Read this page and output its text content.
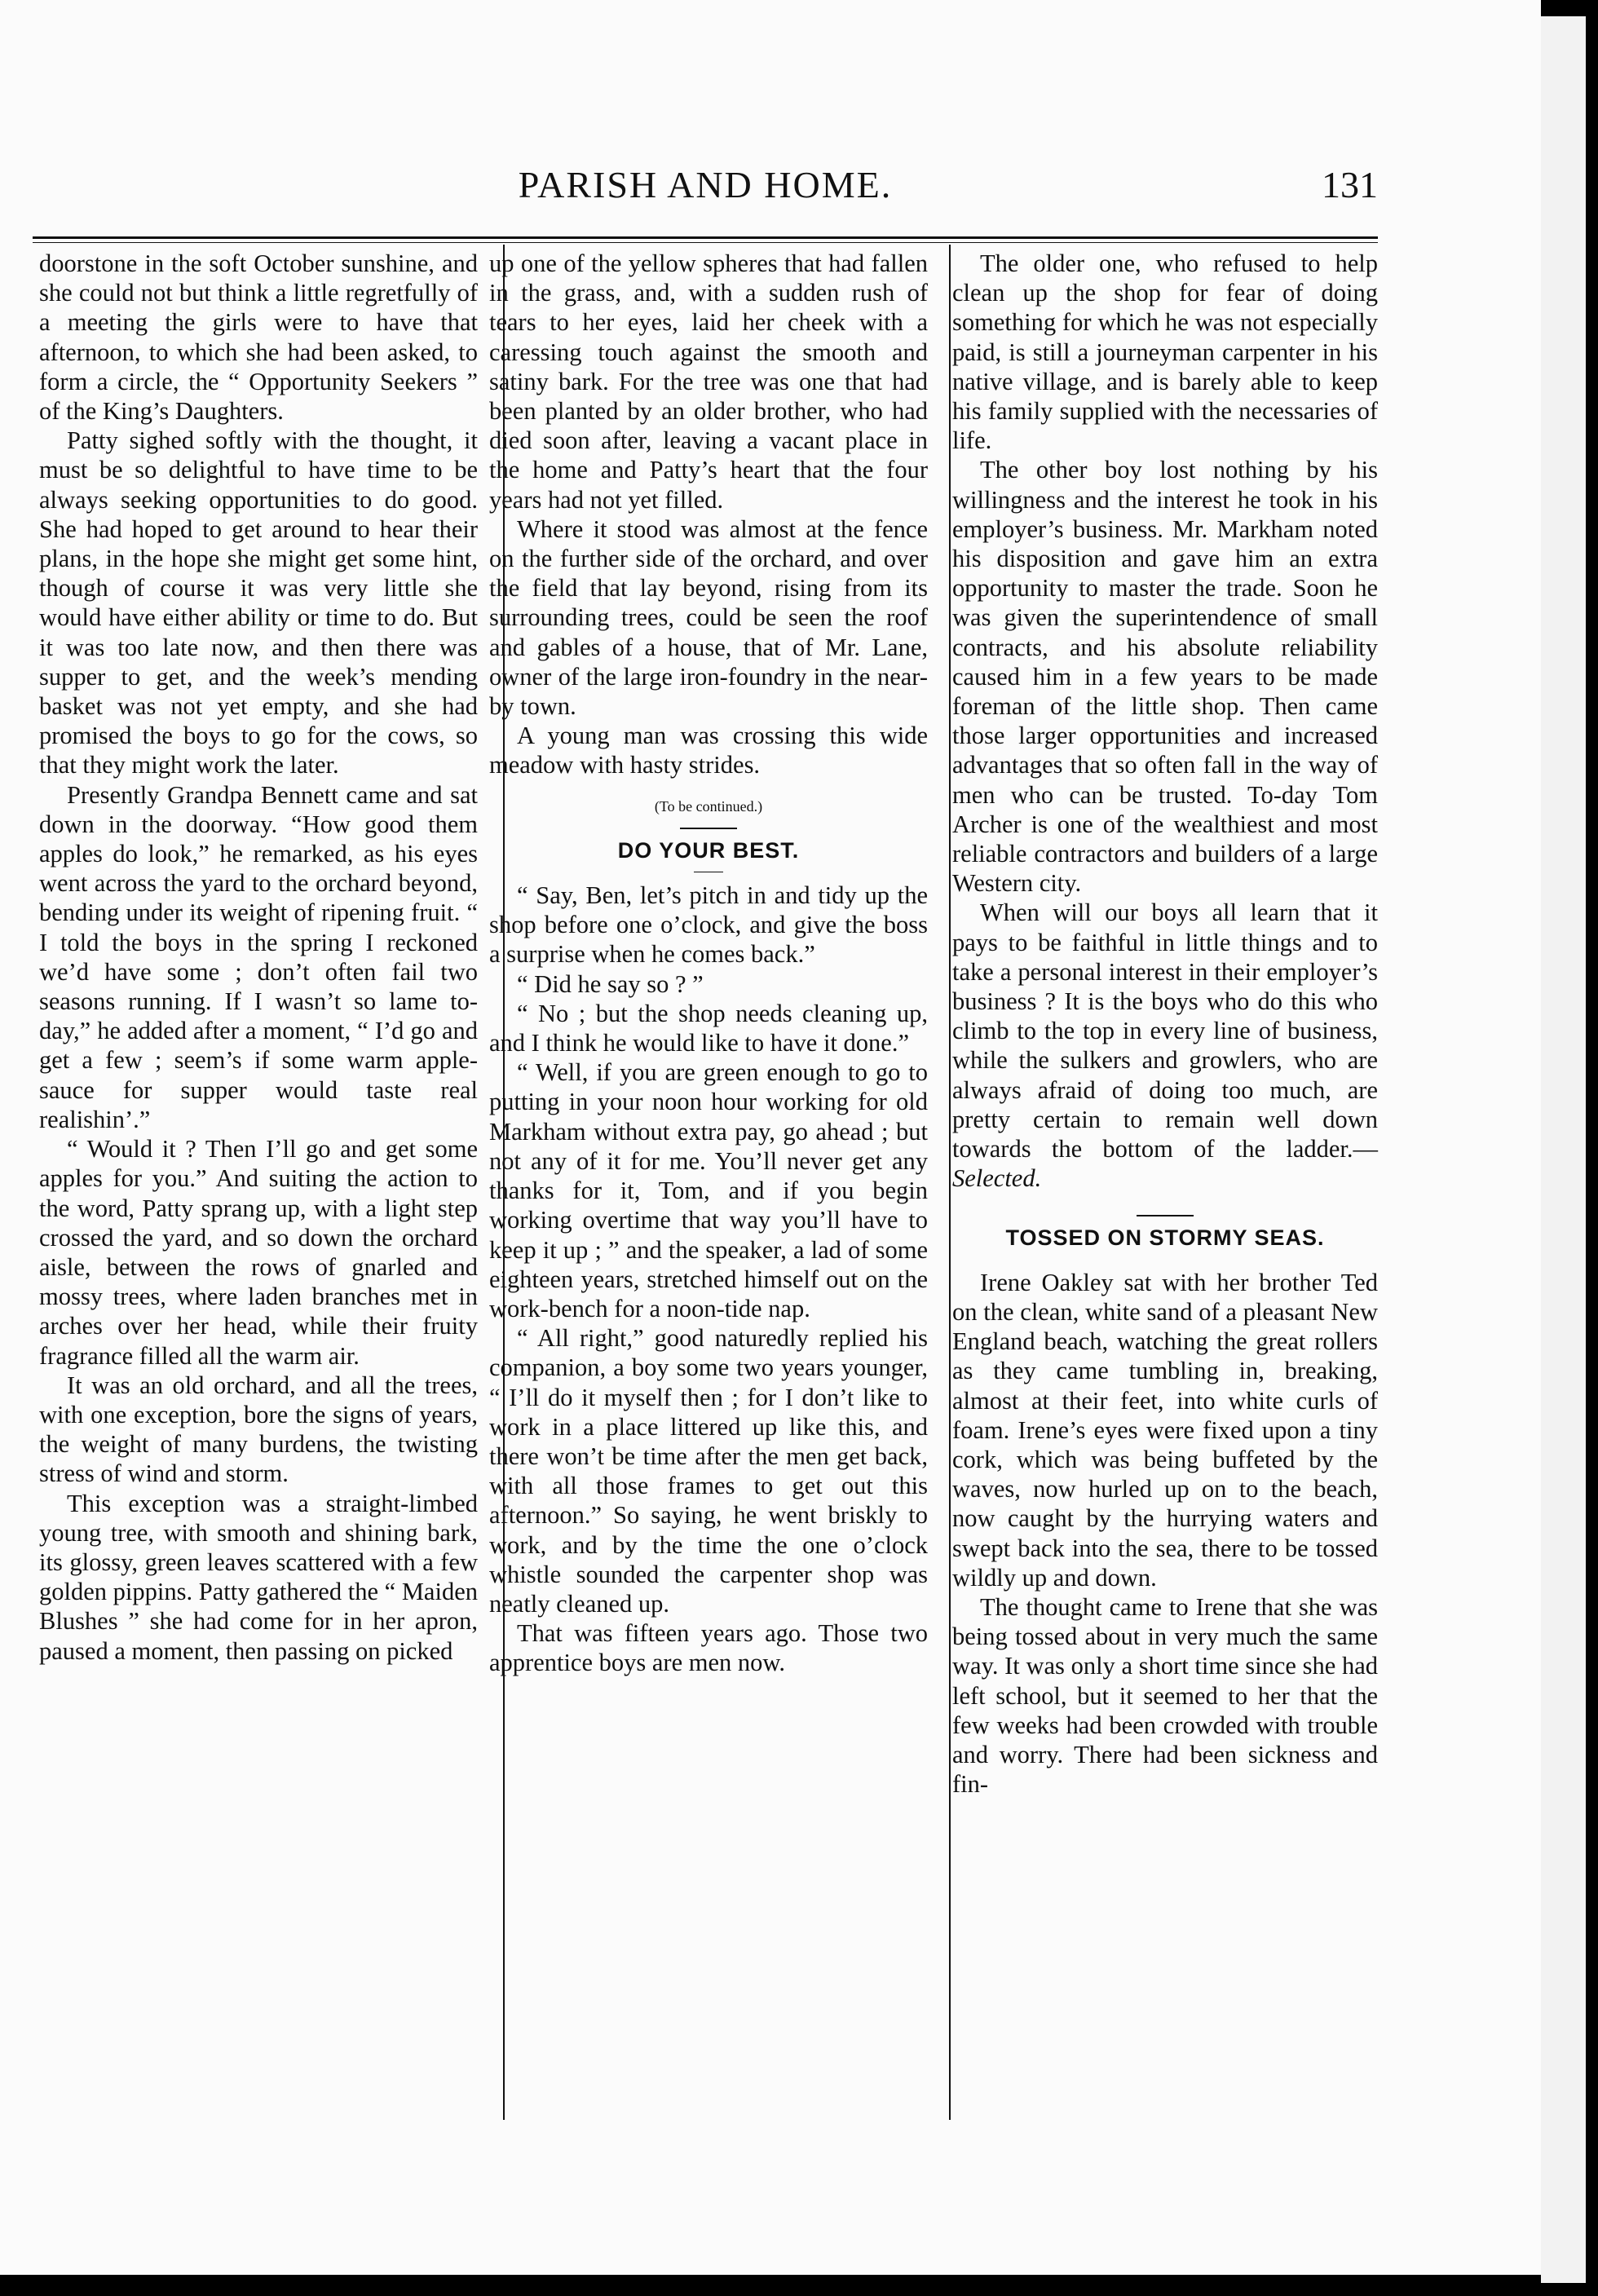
PARISH AND HOME.	131

doorstone in the soft October sunshine, and she could not but think a little regretfully of a meeting the girls were to have that afternoon, to which she had been asked, to form a circle, the “ Opportunity Seekers ” of the King’s Daughters.

Patty sighed softly with the thought, it must be so delightful to have time to be always seeking opportunities to do good. She had hoped to get around to hear their plans, in the hope she might get some hint, though of course it was very little she would have either ability or time to do. But it was too late now, and then there was supper to get, and the week’s mending basket was not yet empty, and she had promised the boys to go for the cows, so that they might work the later.

Presently Grandpa Bennett came and sat down in the doorway. “How good them apples do look,” he remarked, as his eyes went across the yard to the orchard beyond, bending under its weight of ripening fruit. “ I told the boys in the spring I reckoned we’d have some ; don’t often fail two seasons running. If I wasn’t so lame to-day,” he added after a moment, “ I’d go and get a few ; seem’s if some warm apple-sauce for supper would taste real realishin’.”

“ Would it ? Then I’ll go and get some apples for you.” And suiting the action to the word, Patty sprang up, with a light step crossed the yard, and so down the orchard aisle, between the rows of gnarled and mossy trees, where laden branches met in arches over her head, while their fruity fragrance filled all the warm air.

It was an old orchard, and all the trees, with one exception, bore the signs of years, the weight of many burdens, the twisting stress of wind and storm.

This exception was a straight-limbed young tree, with smooth and shining bark, its glossy, green leaves scattered with a few golden pippins. Patty gathered the “ Maiden Blushes ” she had come for in her apron, paused a moment, then passing on picked

up one of the yellow spheres that had fallen in the grass, and, with a sudden rush of tears to her eyes, laid her cheek with a caressing touch against the smooth and satiny bark. For the tree was one that had been planted by an older brother, who had died soon after, leaving a vacant place in the home and Patty’s heart that the four years had not yet filled.

Where it stood was almost at the fence on the further side of the orchard, and over the field that lay beyond, rising from its surrounding trees, could be seen the roof and gables of a house, that of Mr. Lane, owner of the large iron-foundry in the near-by town.

A young man was crossing this wide meadow with hasty strides.

(To be continued.)
DO YOUR BEST.

“ Say, Ben, let’s pitch in and tidy up the shop before one o’clock, and give the boss a surprise when he comes back.”

“ Did he say so ? ”

“ No ; but the shop needs cleaning up, and I think he would like to have it done.”

“ Well, if you are green enough to go to putting in your noon hour working for old Markham without extra pay, go ahead ; but not any of it for me. You’ll never get any thanks for it, Tom, and if you begin working overtime that way you’ll have to keep it up ; ” and the speaker, a lad of some eighteen years, stretched himself out on the work-bench for a noon-tide nap.

“ All right,” good naturedly replied his companion, a boy some two years younger, “ I’ll do it myself then ; for I don’t like to work in a place littered up like this, and there won’t be time after the men get back, with all those frames to get out this afternoon.” So saying, he went briskly to work, and by the time the one o’clock whistle sounded the carpenter shop was neatly cleaned up.

That was fifteen years ago. Those two apprentice boys are men now.

The older one, who refused to help clean up the shop for fear of doing something for which he was not especially paid, is still a journeyman carpenter in his native village, and is barely able to keep his family supplied with the necessaries of life.

The other boy lost nothing by his willingness and the interest he took in his employer’s business. Mr. Markham noted his disposition and gave him an extra opportunity to master the trade. Soon he was given the superintendence of small contracts, and his absolute reliability caused him in a few years to be made foreman of the little shop. Then came those larger opportunities and increased advantages that so often fall in the way of men who can be trusted. To-day Tom Archer is one of the wealthiest and most reliable contractors and builders of a large Western city.

When will our boys all learn that it pays to be faithful in little things and to take a personal interest in their employer’s business ? It is the boys who do this who climb to the top in every line of business, while the sulkers and growlers, who are always afraid of doing too much, are pretty certain to remain well down towards the bottom of the ladder.—Selected.

TOSSED ON STORMY SEAS.

Irene Oakley sat with her brother Ted on the clean, white sand of a pleasant New England beach, watching the great rollers as they came tumbling in, breaking, almost at their feet, into white curls of foam. Irene’s eyes were fixed upon a tiny cork, which was being buffeted by the waves, now hurled up on to the beach, now caught by the hurrying waters and swept back into the sea, there to be tossed wildly up and down.

The thought came to Irene that she was being tossed about in very much the same way. It was only a short time since she had left school, but it seemed to her that the few weeks had been crowded with trouble and worry. There had been sickness and fin-
